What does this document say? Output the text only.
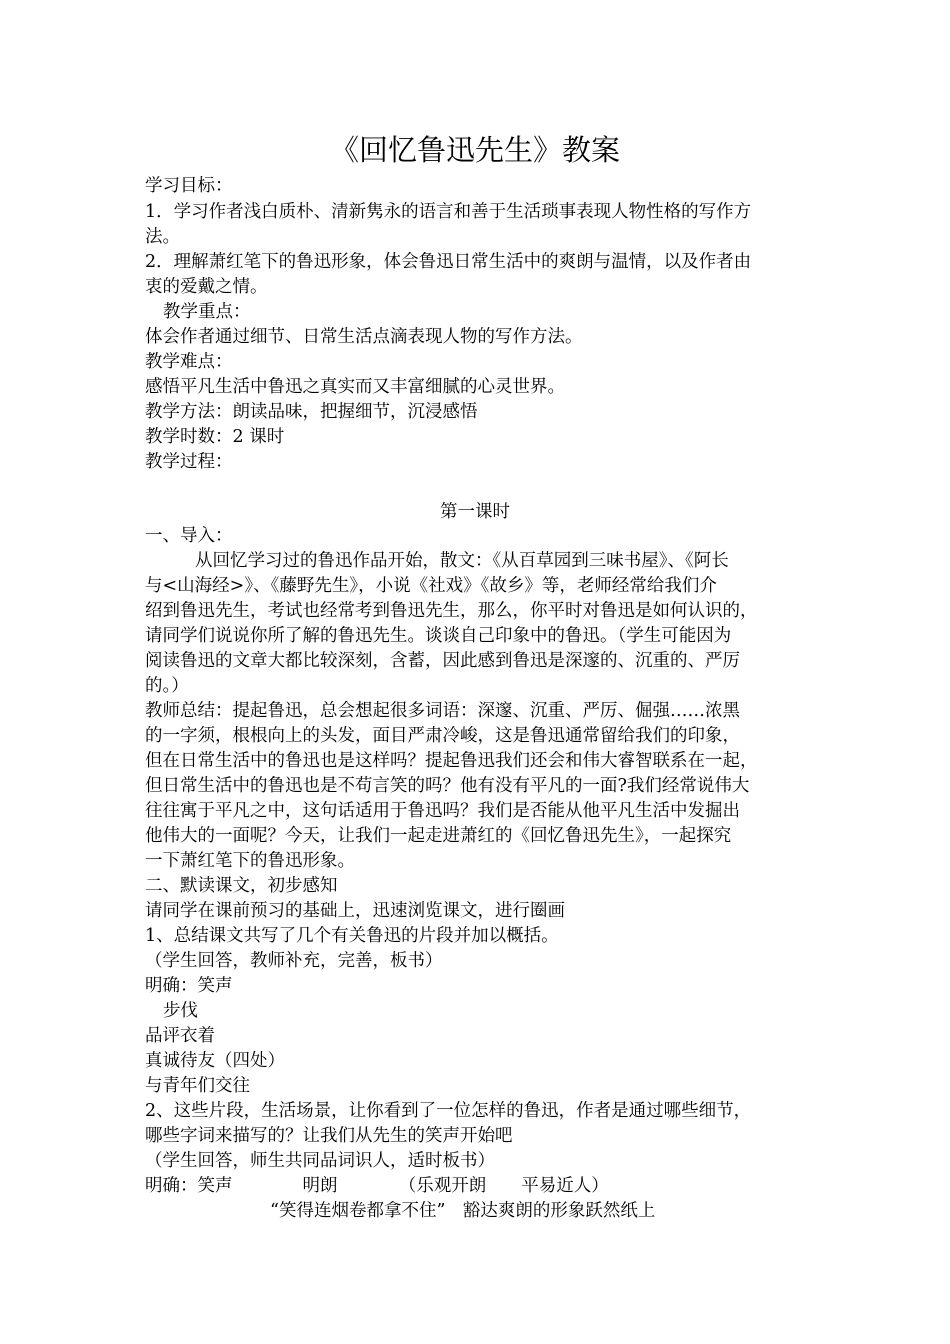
《回忆鲁迅先生》教案
学习目标：
1．学习作者浅白质朴、清新隽永的语言和善于生活琐事表现人物性格的写作方
法。
2．理解萧红笔下的鲁迅形象，体会鲁迅日常生活中的爽朗与温情，以及作者由
衷的爱戴之情。
教学重点：
体会作者通过细节、日常生活点滴表现人物的写作方法。
教学难点：
感悟平凡生活中鲁迅之真实而又丰富细腻的心灵世界。
教学方法：朗读品味，把握细节，沉浸感悟
教学时数：2 课时
教学过程：
第一课时
一、导入：
从回忆学习过的鲁迅作品开始，散文：《从百草园到三味书屋》、《阿长
与<山海经>》、《藤野先生》，小说《社戏》《故乡》等，老师经常给我们介
绍到鲁迅先生，考试也经常考到鲁迅先生，那么，你平时对鲁迅是如何认识的，
请同学们说说你所了解的鲁迅先生。谈谈自己印象中的鲁迅。（学生可能因为
阅读鲁迅的文章大都比较深刻，含蓄，因此感到鲁迅是深邃的、沉重的、严厉
的。）
教师总结：提起鲁迅，总会想起很多词语：深邃、沉重、严厉、倔强……浓黑
的一字须，根根向上的头发，面目严肃冷峻，这是鲁迅通常留给我们的印象，
但在日常生活中的鲁迅也是这样吗？提起鲁迅我们还会和伟大睿智联系在一起，
但日常生活中的鲁迅也是不苟言笑的吗？他有没有平凡的一面?我们经常说伟大
往往寓于平凡之中，这句话适用于鲁迅吗？我们是否能从他平凡生活中发掘出
他伟大的一面呢？今天，让我们一起走进萧红的《回忆鲁迅先生》，一起探究
一下萧红笔下的鲁迅形象。
二、默读课文，初步感知
请同学在课前预习的基础上，迅速浏览课文，进行圈画
1、总结课文共写了几个有关鲁迅的片段并加以概括。
（学生回答，教师补充，完善，板书）
明确：笑声
步伐
品评衣着
真诚待友（四处）
与青年们交往
2、这些片段，生活场景，让你看到了一位怎样的鲁迅，作者是通过哪些细节，
哪些字词来描写的？让我们从先生的笑声开始吧
（学生回答，师生共同品词识人，适时板书）
明确：笑声　　　　明朗　　　　（乐观开朗　　平易近人）
“笑得连烟卷都拿不住”　豁达爽朗的形象跃然纸上
